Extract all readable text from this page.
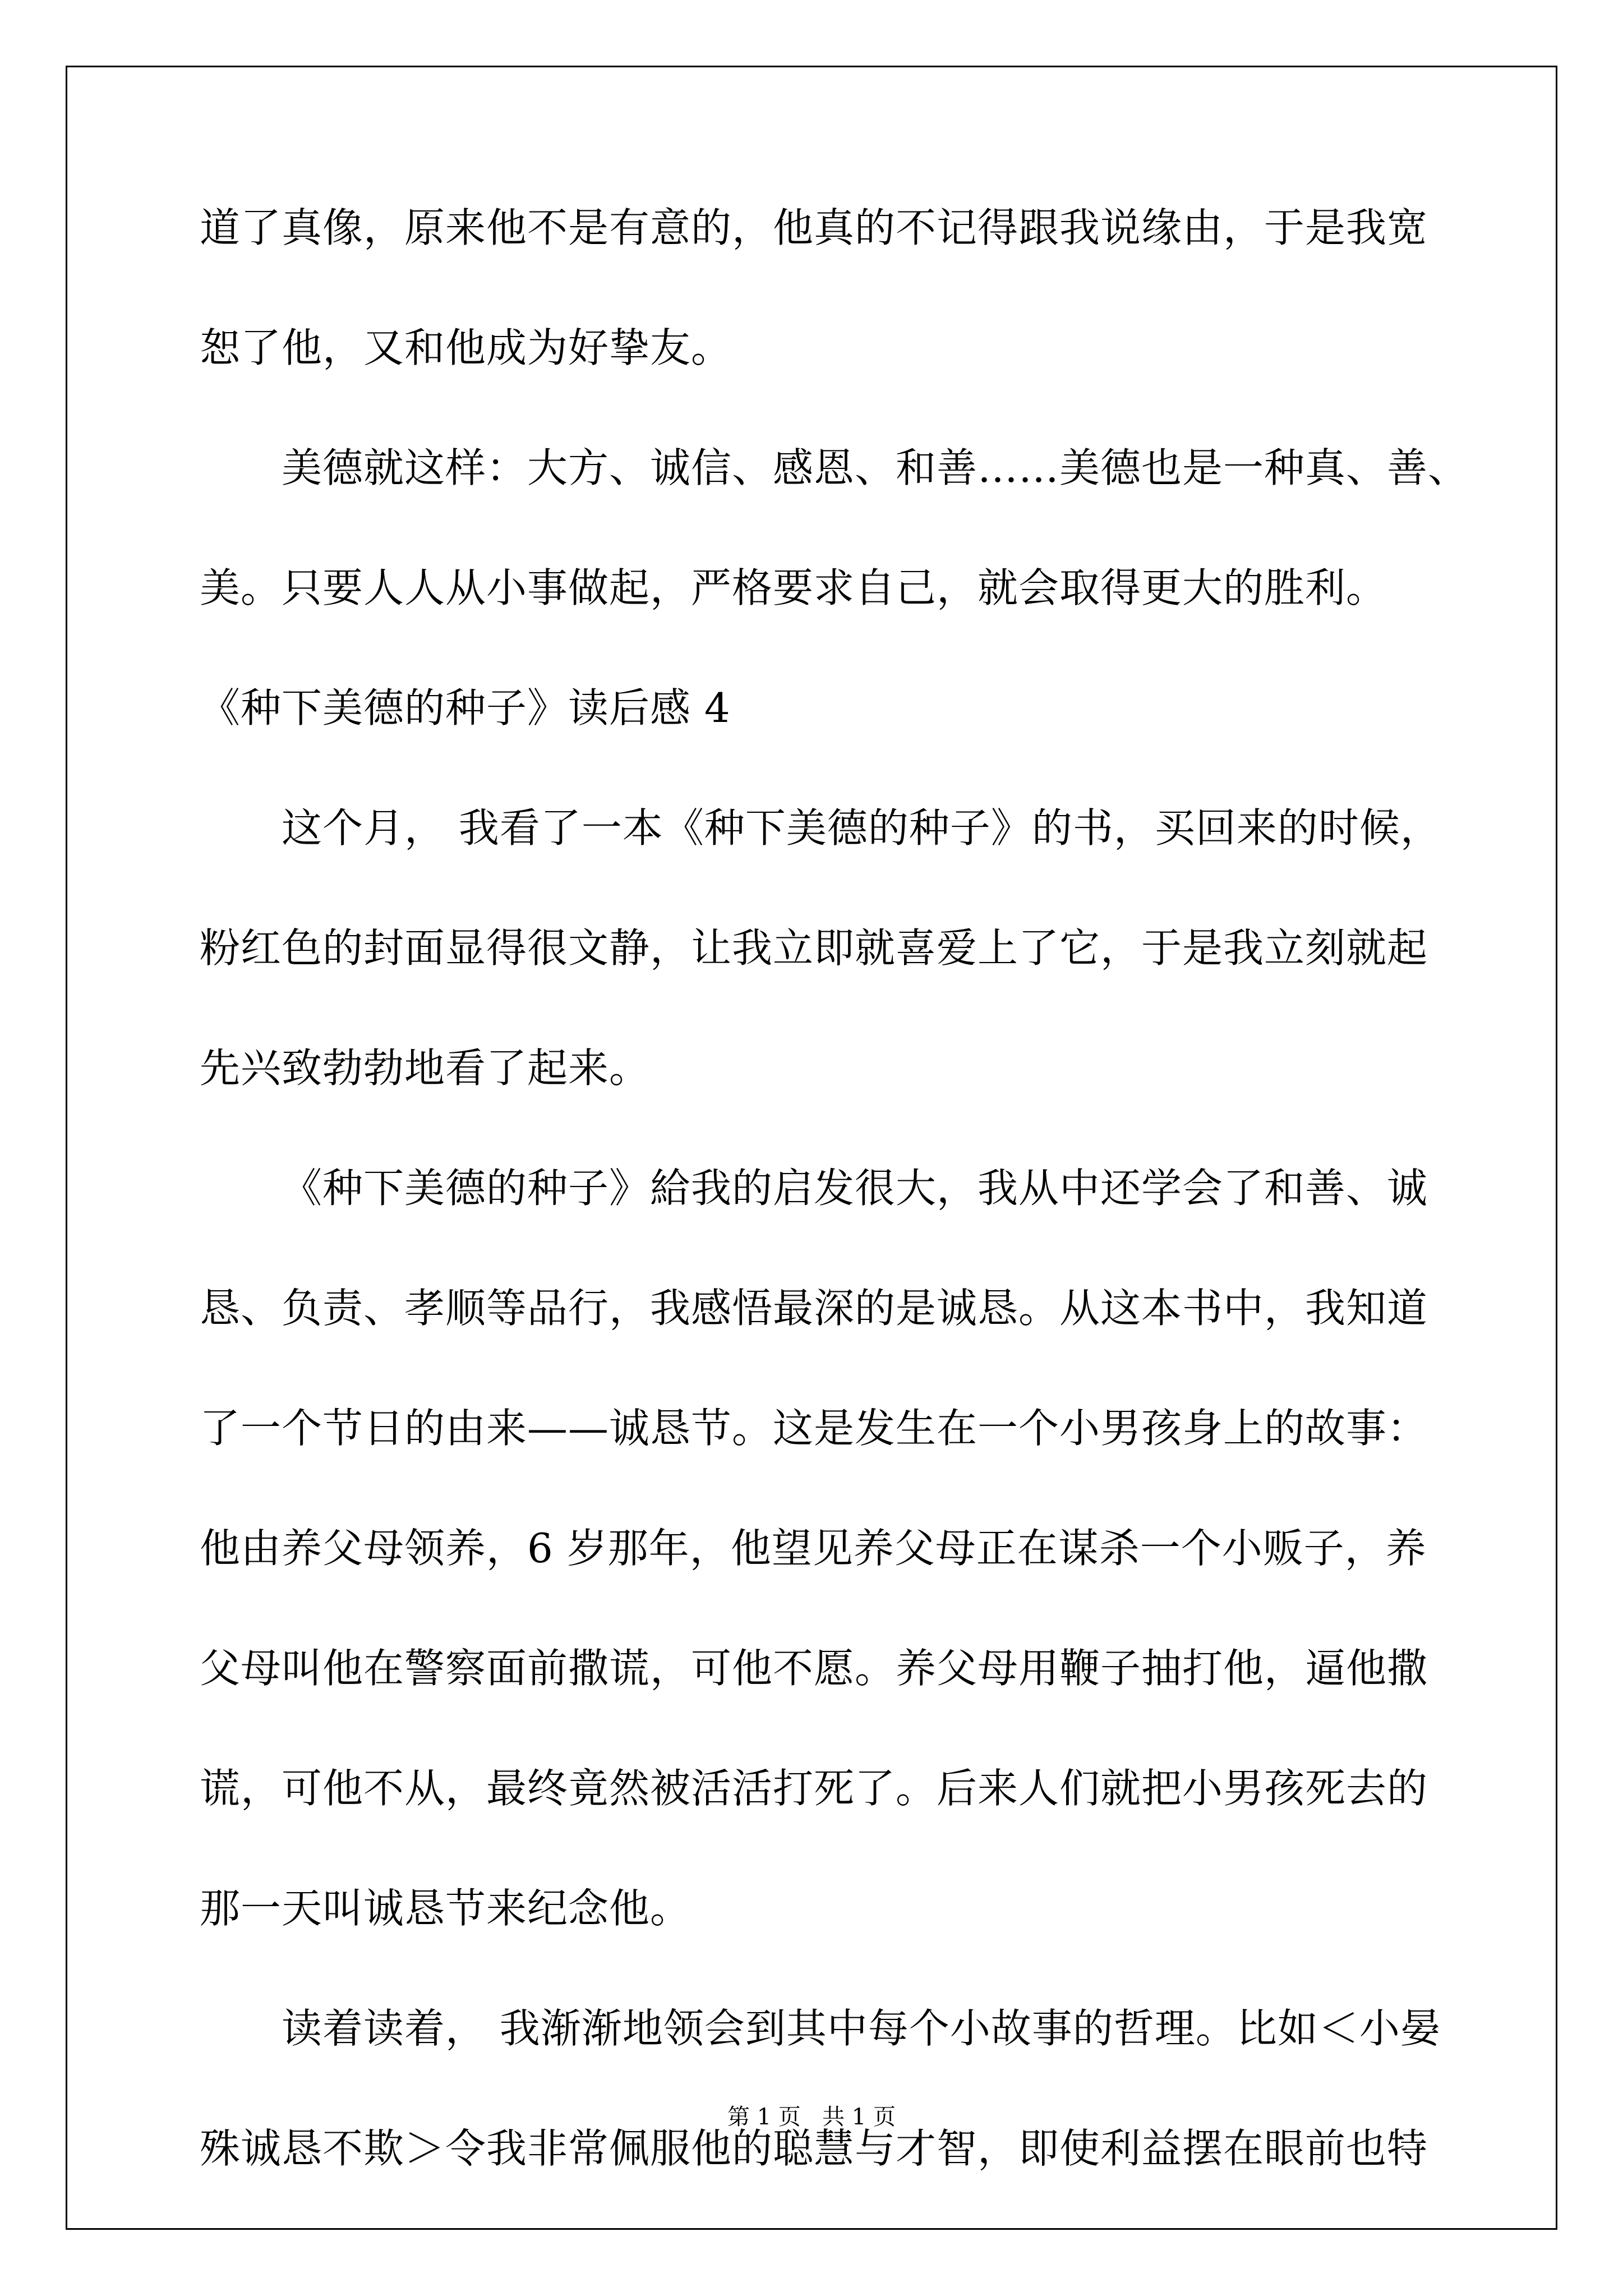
道了真像，原来他不是有意的，他真的不记得跟我说缘由，于是我宽
恕了他，又和他成为好挚友。
美德就这样：大方、诚信、感恩、和善……美德也是一种真、善、
美。只要人人从小事做起，严格要求自己，就会取得更大的胜利。
《种下美德的种子》读后感 4
这个月， 我看了一本《种下美德的种子》的书，买回来的时候，
粉红色的封面显得很文静，让我立即就喜爱上了它，于是我立刻就起
先兴致勃勃地看了起来。
《种下美德的种子》給我的启发很大，我从中还学会了和善、诚
恳、负责、孝顺等品行，我感悟最深的是诚恳。从这本书中，我知道
了一个节日的由来——诚恳节。这是发生在一个小男孩身上的故事：
他由养父母领养，6 岁那年，他望见养父母正在谋杀一个小贩子，养
父母叫他在警察面前撒谎，可他不愿。养父母用鞭子抽打他，逼他撒
谎，可他不从，最终竟然被活活打死了。后来人们就把小男孩死去的
那一天叫诚恳节来纪念他。
读着读着， 我渐渐地领会到其中每个小故事的哲理。比如＜小晏
殊诚恳不欺＞令我非常佩服他的聪慧与才智，即使利益摆在眼前也特
第 1 页   共 1 页
